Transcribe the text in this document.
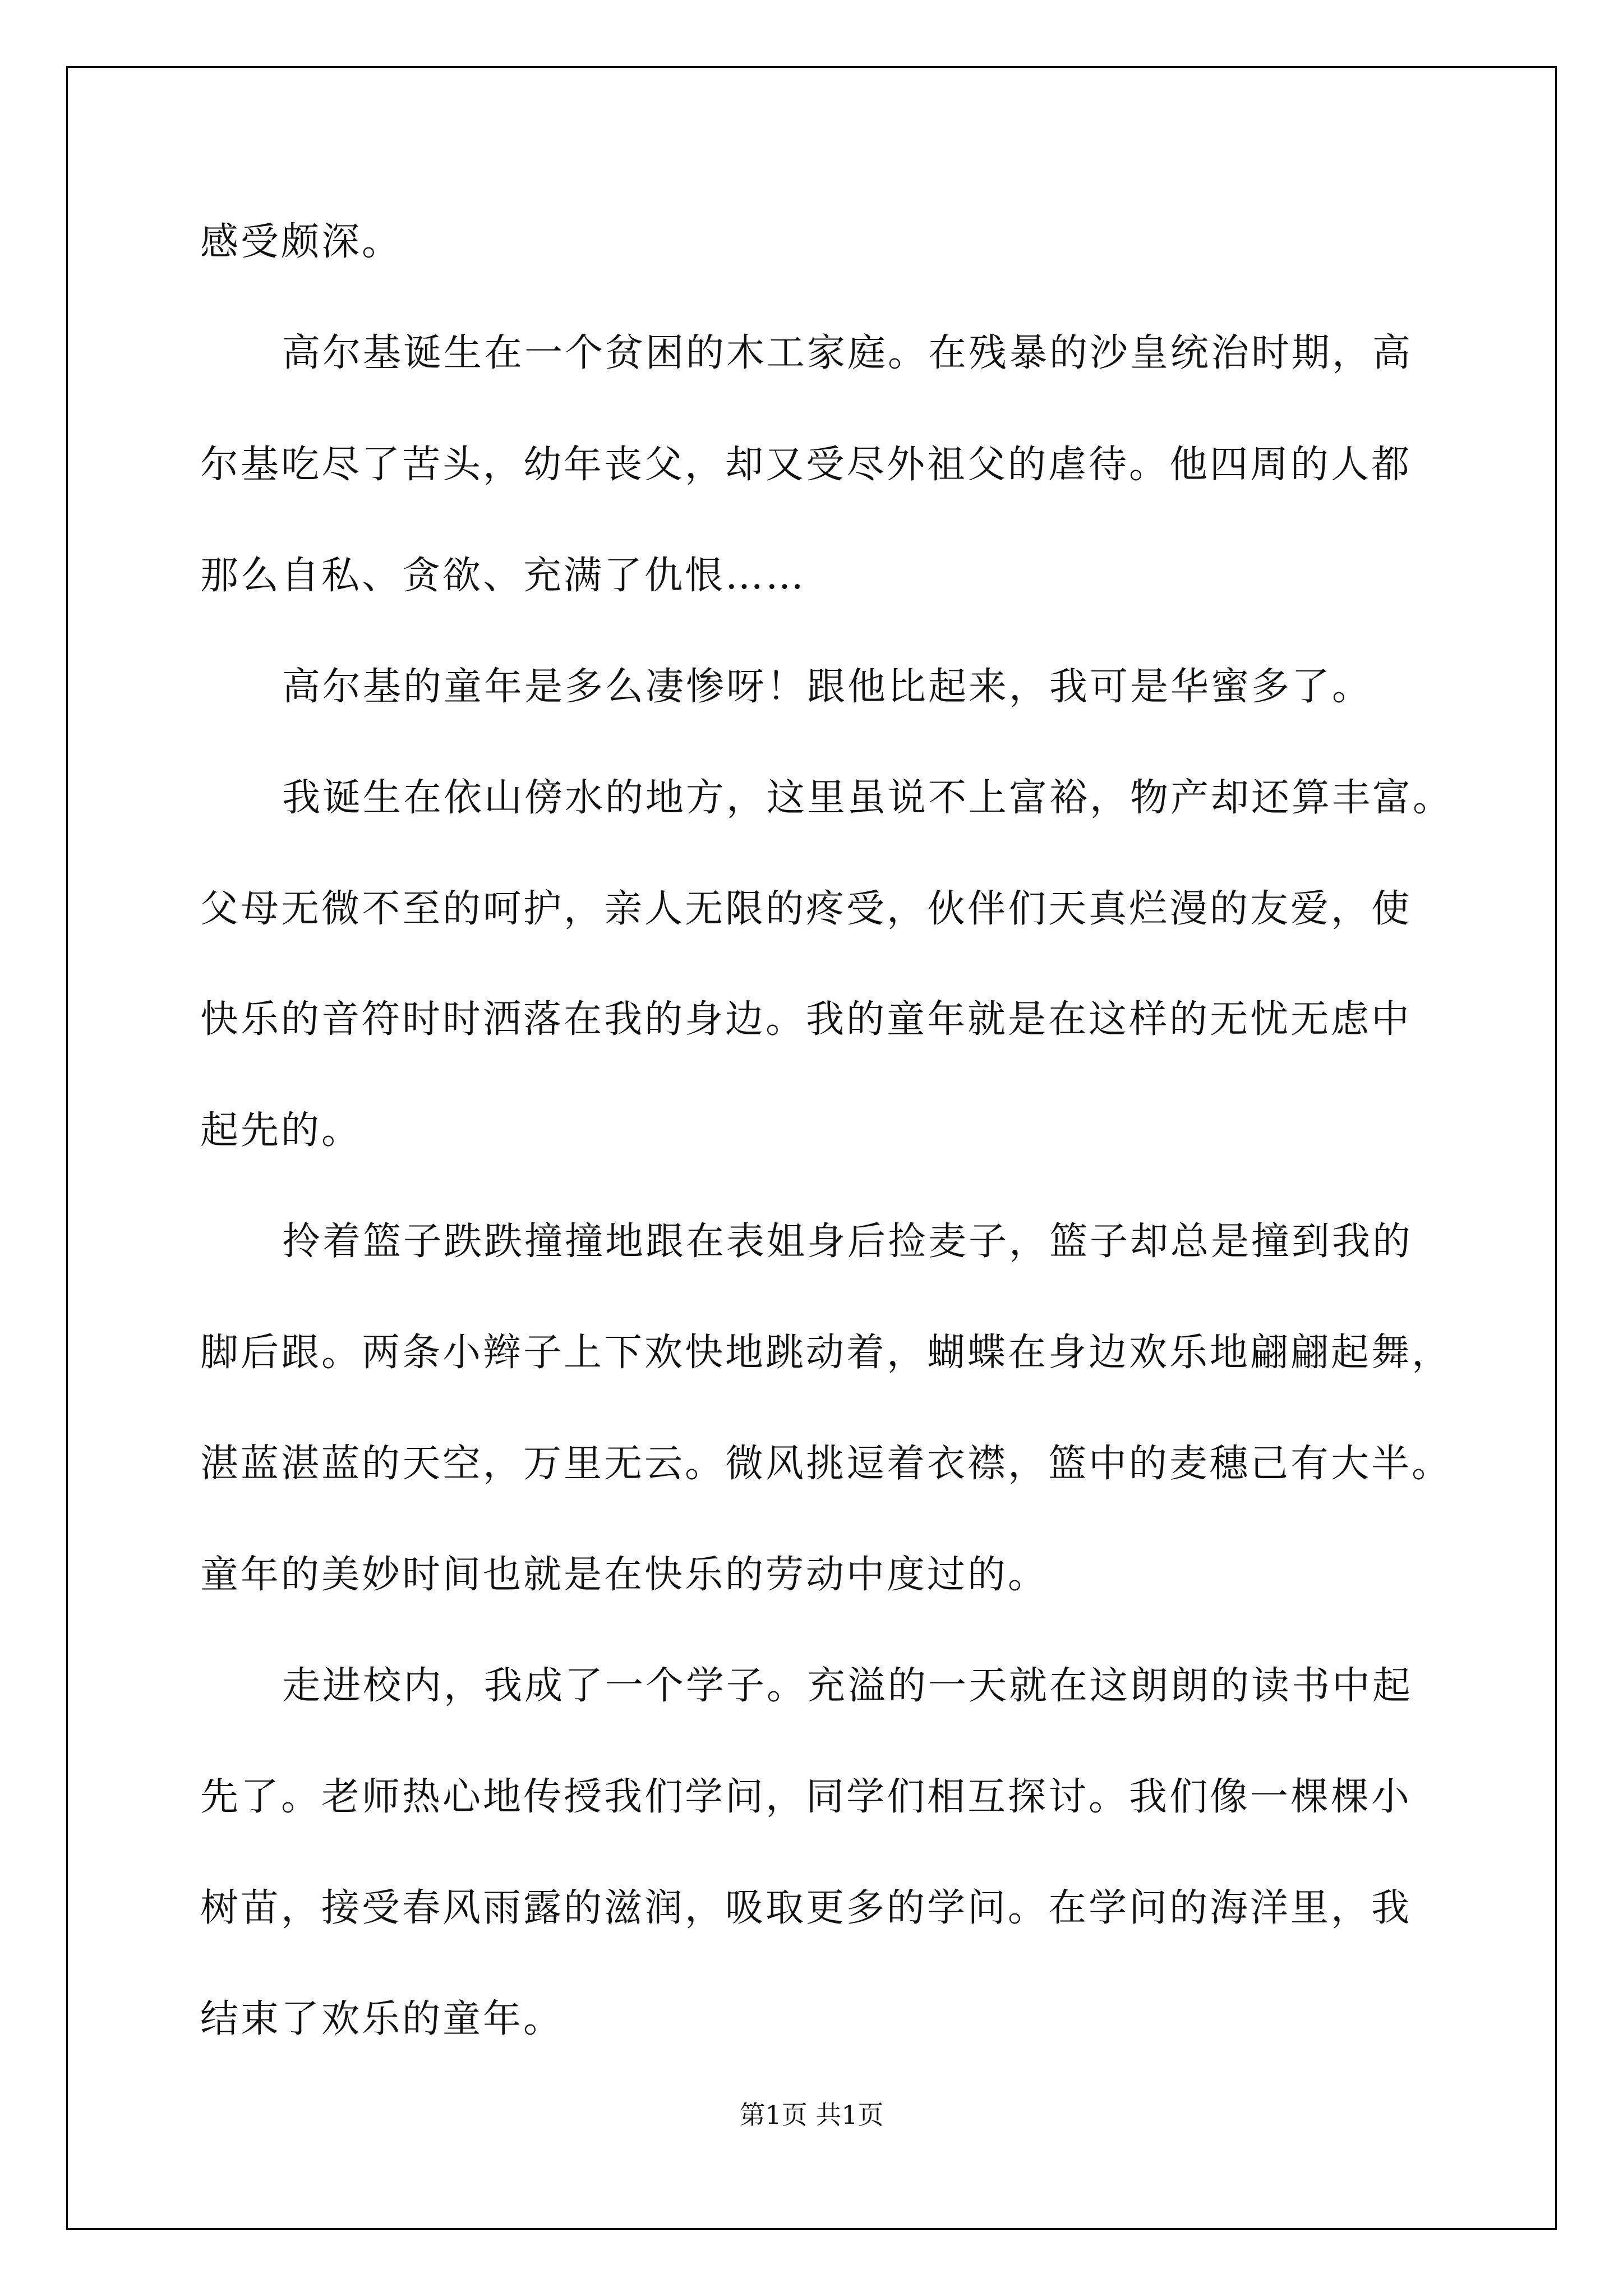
感受颇深。
高尔基诞生在一个贫困的木工家庭。在残暴的沙皇统治时期，高
尔基吃尽了苦头，幼年丧父，却又受尽外祖父的虐待。他四周的人都
那么自私、贪欲、充满了仇恨……
高尔基的童年是多么凄惨呀！跟他比起来，我可是华蜜多了。
我诞生在依山傍水的地方，这里虽说不上富裕，物产却还算丰富。
父母无微不至的呵护，亲人无限的疼受，伙伴们天真烂漫的友爱，使
快乐的音符时时洒落在我的身边。我的童年就是在这样的无忧无虑中
起先的。
拎着篮子跌跌撞撞地跟在表姐身后捡麦子，篮子却总是撞到我的
脚后跟。两条小辫子上下欢快地跳动着，蝴蝶在身边欢乐地翩翩起舞，
湛蓝湛蓝的天空，万里无云。微风挑逗着衣襟，篮中的麦穗己有大半。
童年的美妙时间也就是在快乐的劳动中度过的。
走进校内，我成了一个学子。充溢的一天就在这朗朗的读书中起
先了。老师热心地传授我们学问，同学们相互探讨。我们像一棵棵小
树苗，接受春风雨露的滋润，吸取更多的学问。在学问的海洋里，我
结束了欢乐的童年。
第1页 共1页
